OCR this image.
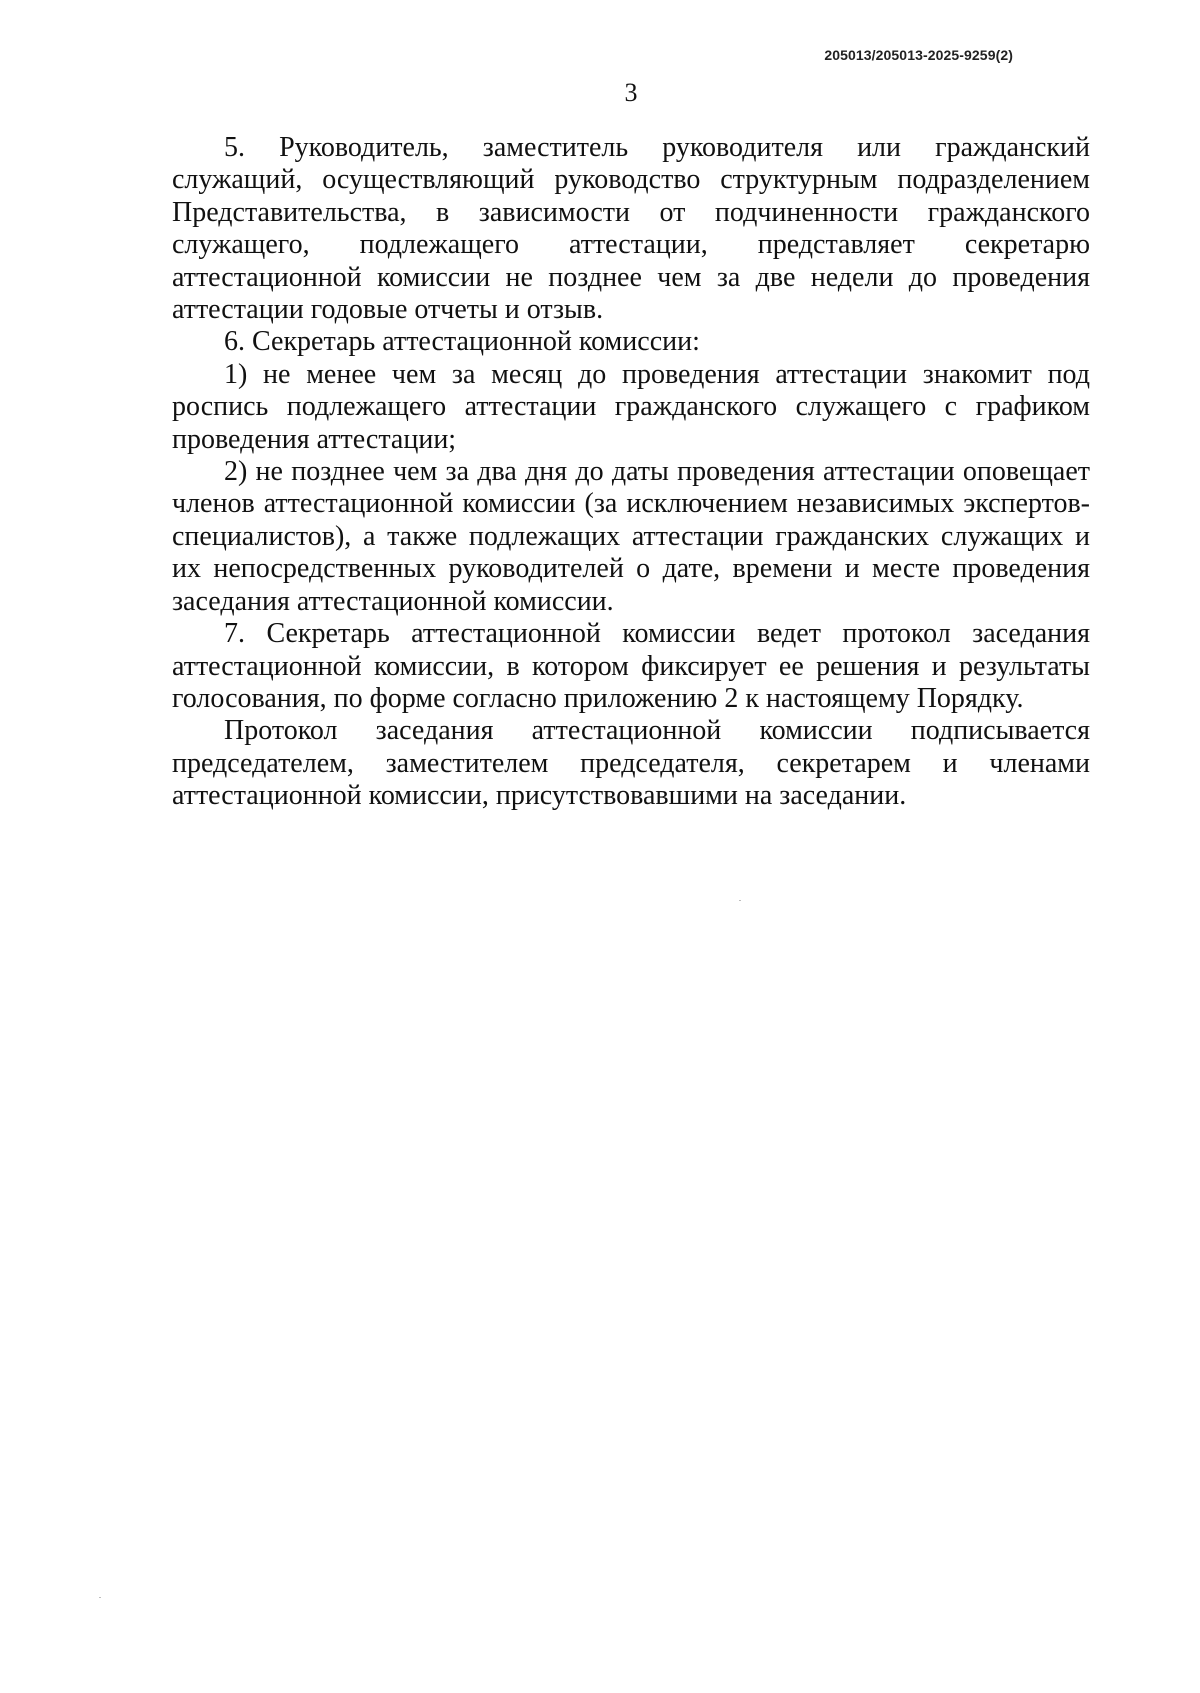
205013/205013-2025-9259(2)
3

5. Руководитель, заместитель руководителя или гражданский служащий, осуществляющий руководство структурным подразделением Представительства, в зависимости от подчиненности гражданского служащего, подлежащего аттестации, представляет секретарю аттестационной комиссии не позднее чем за две недели до проведения аттестации годовые отчеты и отзыв.

6. Секретарь аттестационной комиссии:

1) не менее чем за месяц до проведения аттестации знакомит под роспись подлежащего аттестации гражданского служащего с графиком проведения аттестации;

2) не позднее чем за два дня до даты проведения аттестации оповещает членов аттестационной комиссии (за исключением независимых экспертов-специалистов), а также подлежащих аттестации гражданских служащих и их непосредственных руководителей о дате, времени и месте проведения заседания аттестационной комиссии.

7. Секретарь аттестационной комиссии ведет протокол заседания аттестационной комиссии, в котором фиксирует ее решения и результаты голосования, по форме согласно приложению 2 к настоящему Порядку.

Протокол заседания аттестационной комиссии подписывается председателем, заместителем председателя, секретарем и членами аттестационной комиссии, присутствовавшими на заседании.
